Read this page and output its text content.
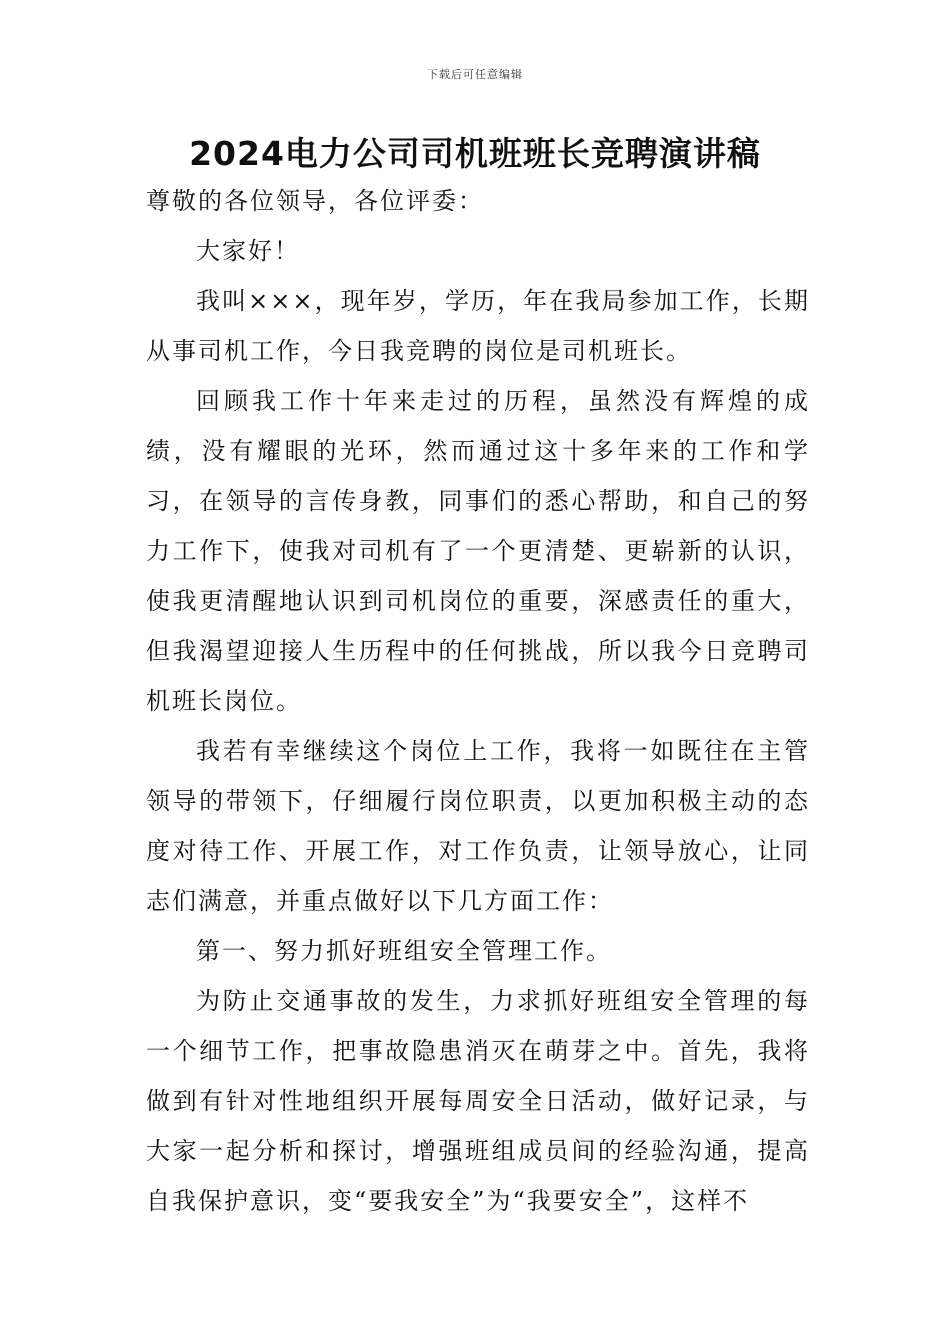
下载后可任意编辑
2024电力公司司机班班长竞聘演讲稿

尊敬的各位领导，各位评委：

大家好！

我叫×××，现年岁，学历，年在我局参加工作，长期从事司机工作，今日我竞聘的岗位是司机班长。

回顾我工作十年来走过的历程，虽然没有辉煌的成绩，没有耀眼的光环，然而通过这十多年来的工作和学习，在领导的言传身教，同事们的悉心帮助，和自己的努力工作下，使我对司机有了一个更清楚、更崭新的认识，使我更清醒地认识到司机岗位的重要，深感责任的重大，但我渴望迎接人生历程中的任何挑战，所以我今日竞聘司机班长岗位。

我若有幸继续这个岗位上工作，我将一如既往在主管领导的带领下，仔细履行岗位职责，以更加积极主动的态度对待工作、开展工作，对工作负责，让领导放心，让同志们满意，并重点做好以下几方面工作：

第一、努力抓好班组安全管理工作。

为防止交通事故的发生，力求抓好班组安全管理的每一个细节工作，把事故隐患消灭在萌芽之中。首先，我将做到有针对性地组织开展每周安全日活动，做好记录，与大家一起分析和探讨，增强班组成员间的经验沟通，提高自我保护意识，变“要我安全”为“我要安全”，这样不
